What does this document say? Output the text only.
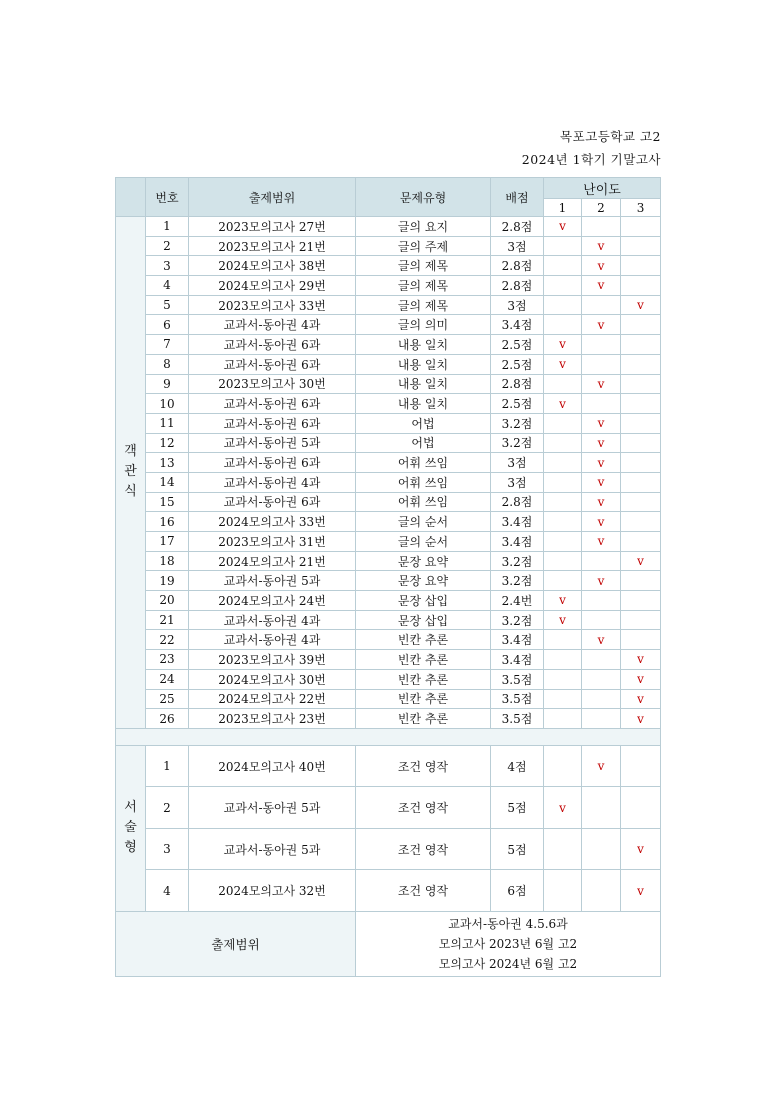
목포고등학교 고2
2024년 1학기 기말고사
	번호	출제범위	문제유형	배점	난이도		
					1	2	3

객
관
식	1	2023모의고사 27번	글의 요지	2.8점	v		
	2	2023모의고사 21번	글의 주제	3점		v	
	3	2024모의고사 38번	글의 제목	2.8점		v	
	4	2024모의고사 29번	글의 제목	2.8점		v	
	5	2023모의고사 33번	글의 제목	3점			v
	6	교과서-동아권 4과	글의 의미	3.4점		v	
	7	교과서-동아권 6과	내용 일치	2.5점	v		
	8	교과서-동아권 6과	내용 일치	2.5점	v		
	9	2023모의고사 30번	내용 일치	2.8점		v	
	10	교과서-동아권 6과	내용 일치	2.5점	v		
	11	교과서-동아권 6과	어법	3.2점		v	
	12	교과서-동아권 5과	어법	3.2점		v	
	13	교과서-동아권 6과	어휘 쓰임	3점		v	
	14	교과서-동아권 4과	어휘 쓰임	3점		v	
	15	교과서-동아권 6과	어휘 쓰임	2.8점		v	
	16	2024모의고사 33번	글의 순서	3.4점		v	
	17	2023모의고사 31번	글의 순서	3.4점		v	
	18	2024모의고사 21번	문장 요약	3.2점			v
	19	교과서-동아권 5과	문장 요약	3.2점		v	
	20	2024모의고사 24번	문장 삽입	2.4번	v		
	21	교과서-동아권 4과	문장 삽입	3.2점	v		
	22	교과서-동아권 4과	빈칸 추론	3.4점		v	
	23	2023모의고사 39번	빈칸 추론	3.4점			v
	24	2024모의고사 30번	빈칸 추론	3.5점			v
	25	2024모의고사 22번	빈칸 추론	3.5점			v
	26	2023모의고사 23번	빈칸 추론	3.5점			v

서
술
형	1	2024모의고사 40번	조건 영작	4점		v	
	2	교과서-동아권 5과	조건 영작	5점	v		
	3	교과서-동아권 5과	조건 영작	5점			v
	4	2024모의고사 32번	조건 영작	6점			v
출제범위			교과서-동아권 4.5.6과
모의고사 2023년 6월 고2
모의고사 2024년 6월 고2				
